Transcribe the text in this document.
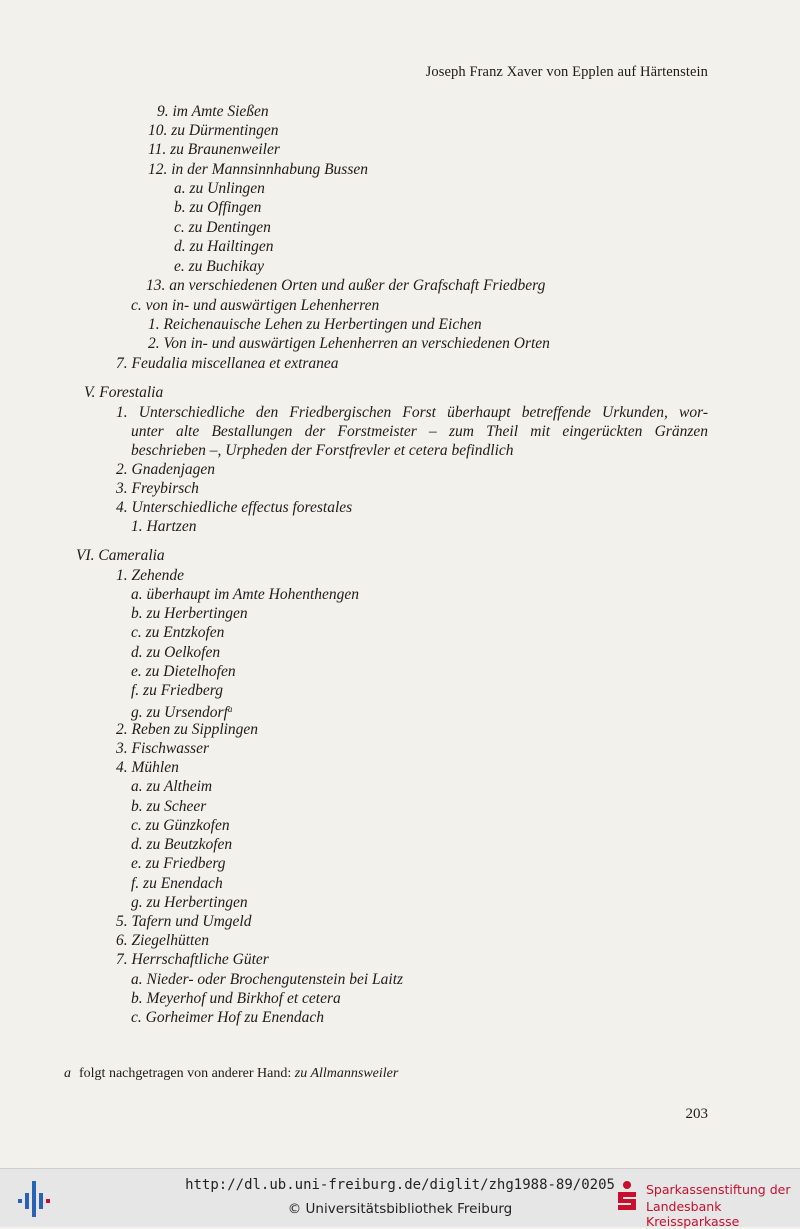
Joseph Franz Xaver von Epplen auf Härtenstein
9. im Amte Sießen
10. zu Dürmentingen
11. zu Braunenweiler
12. in der Mannsinnhabung Bussen
a. zu Unlingen
b. zu Offingen
c. zu Dentingen
d. zu Hailtingen
e. zu Buchikay
13. an verschiedenen Orten und außer der Grafschaft Friedberg
c. von in- und auswärtigen Lehenherren
1. Reichenauische Lehen zu Herbertingen und Eichen
2. Von in- und auswärtigen Lehenherren an verschiedenen Orten
7. Feudalia miscellanea et extranea
V. Forestalia
1. Unterschiedliche den Friedbergischen Forst überhaupt betreffende Urkunden, wor-
unter alte Bestallungen der Forstmeister – zum Theil mit eingerückten Gränzen
beschrieben –, Urpheden der Forstfrevler et cetera befindlich
2. Gnadenjagen
3. Freybirsch
4. Unterschiedliche effectus forestales
1. Hartzen
VI. Cameralia
1. Zehende
a. überhaupt im Amte Hohenthengen
b. zu Herbertingen
c. zu Entzkofen
d. zu Oelkofen
e. zu Dietelhofen
f. zu Friedberg
g. zu Ursendorf$^a$
2. Reben zu Sipplingen
3. Fischwasser
4. Mühlen
a. zu Altheim
b. zu Scheer
c. zu Günzkofen
d. zu Beutzkofen
e. zu Friedberg
f. zu Enendach
g. zu Herbertingen
5. Tafern und Umgeld
6. Ziegelhütten
7. Herrschaftliche Güter
a. Nieder- oder Brochengutenstein bei Laitz
b. Meyerhof und Birkhof et cetera
c. Gorheimer Hof zu Enendach
a folgt nachgetragen von anderer Hand: zu Allmannsweiler
203
http://dl.ub.uni-freiburg.de/diglit/zhg1988-89/0205
© Universitätsbibliothek Freiburg
Sparkassenstiftung der
Landesbank Kreissparkasse
